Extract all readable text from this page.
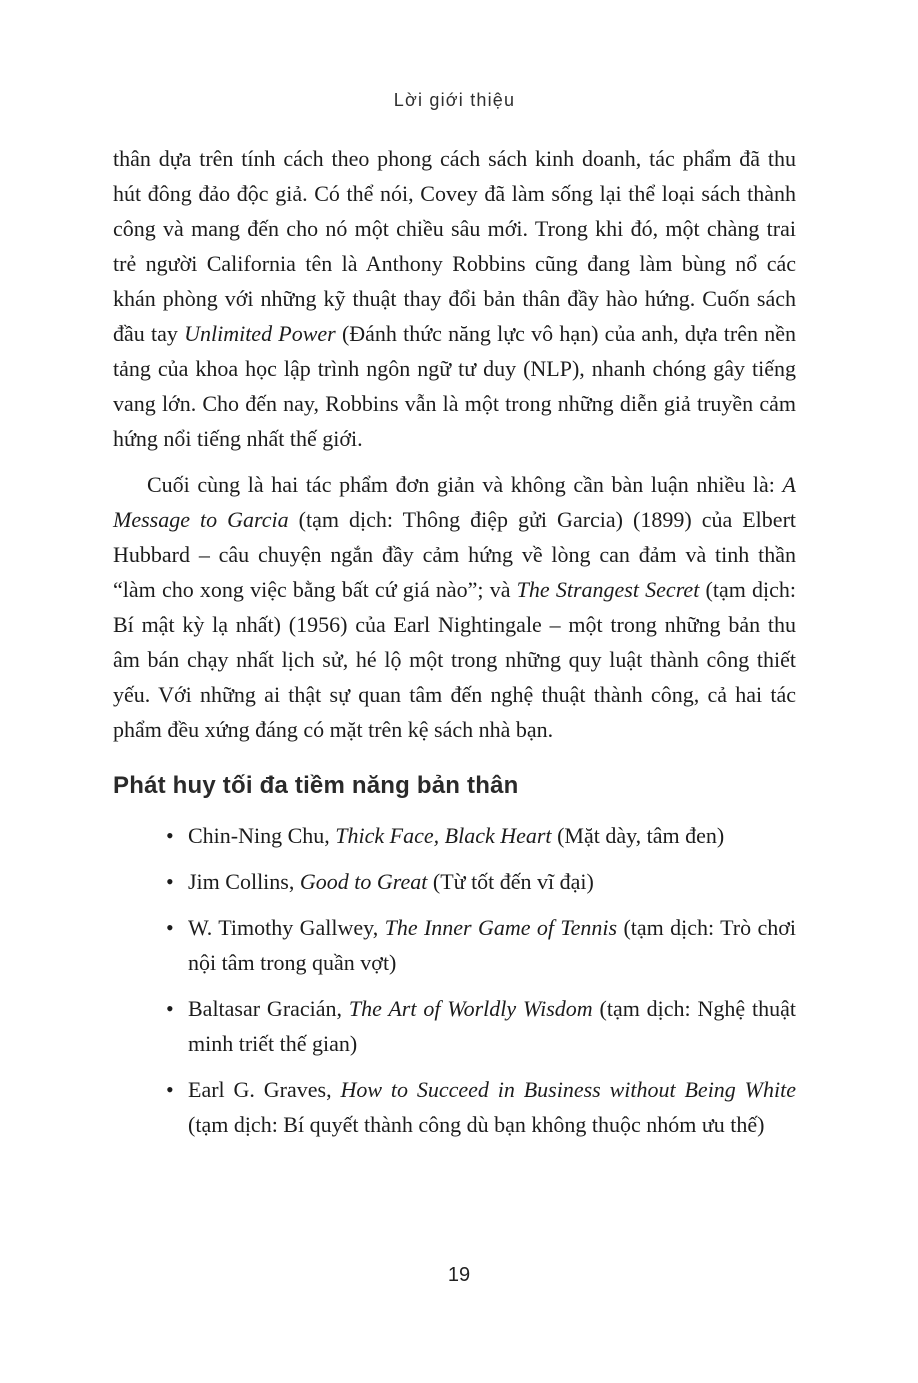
Lời giới thiệu

thân dựa trên tính cách theo phong cách sách kinh doanh, tác phẩm đã thu hút đông đảo độc giả. Có thể nói, Covey đã làm sống lại thể loại sách thành công và mang đến cho nó một chiều sâu mới. Trong khi đó, một chàng trai trẻ người California tên là Anthony Robbins cũng đang làm bùng nổ các khán phòng với những kỹ thuật thay đổi bản thân đầy hào hứng. Cuốn sách đầu tay Unlimited Power (Đánh thức năng lực vô hạn) của anh, dựa trên nền tảng của khoa học lập trình ngôn ngữ tư duy (NLP), nhanh chóng gây tiếng vang lớn. Cho đến nay, Robbins vẫn là một trong những diễn giả truyền cảm hứng nổi tiếng nhất thế giới.

Cuối cùng là hai tác phẩm đơn giản và không cần bàn luận nhiều là: A Message to Garcia (tạm dịch: Thông điệp gửi Garcia) (1899) của Elbert Hubbard – câu chuyện ngắn đầy cảm hứng về lòng can đảm và tinh thần “làm cho xong việc bằng bất cứ giá nào”; và The Strangest Secret (tạm dịch: Bí mật kỳ lạ nhất) (1956) của Earl Nightingale – một trong những bản thu âm bán chạy nhất lịch sử, hé lộ một trong những quy luật thành công thiết yếu. Với những ai thật sự quan tâm đến nghệ thuật thành công, cả hai tác phẩm đều xứng đáng có mặt trên kệ sách nhà bạn.

Phát huy tối đa tiềm năng bản thân
• Chin-Ning Chu, Thick Face, Black Heart (Mặt dày, tâm đen)
• Jim Collins, Good to Great (Từ tốt đến vĩ đại)
• W. Timothy Gallwey, The Inner Game of Tennis (tạm dịch: Trò chơi nội tâm trong quần vợt)
• Baltasar Gracián, The Art of Worldly Wisdom (tạm dịch: Nghệ thuật minh triết thế gian)
• Earl G. Graves, How to Succeed in Business without Being White (tạm dịch: Bí quyết thành công dù bạn không thuộc nhóm ưu thế)
19
